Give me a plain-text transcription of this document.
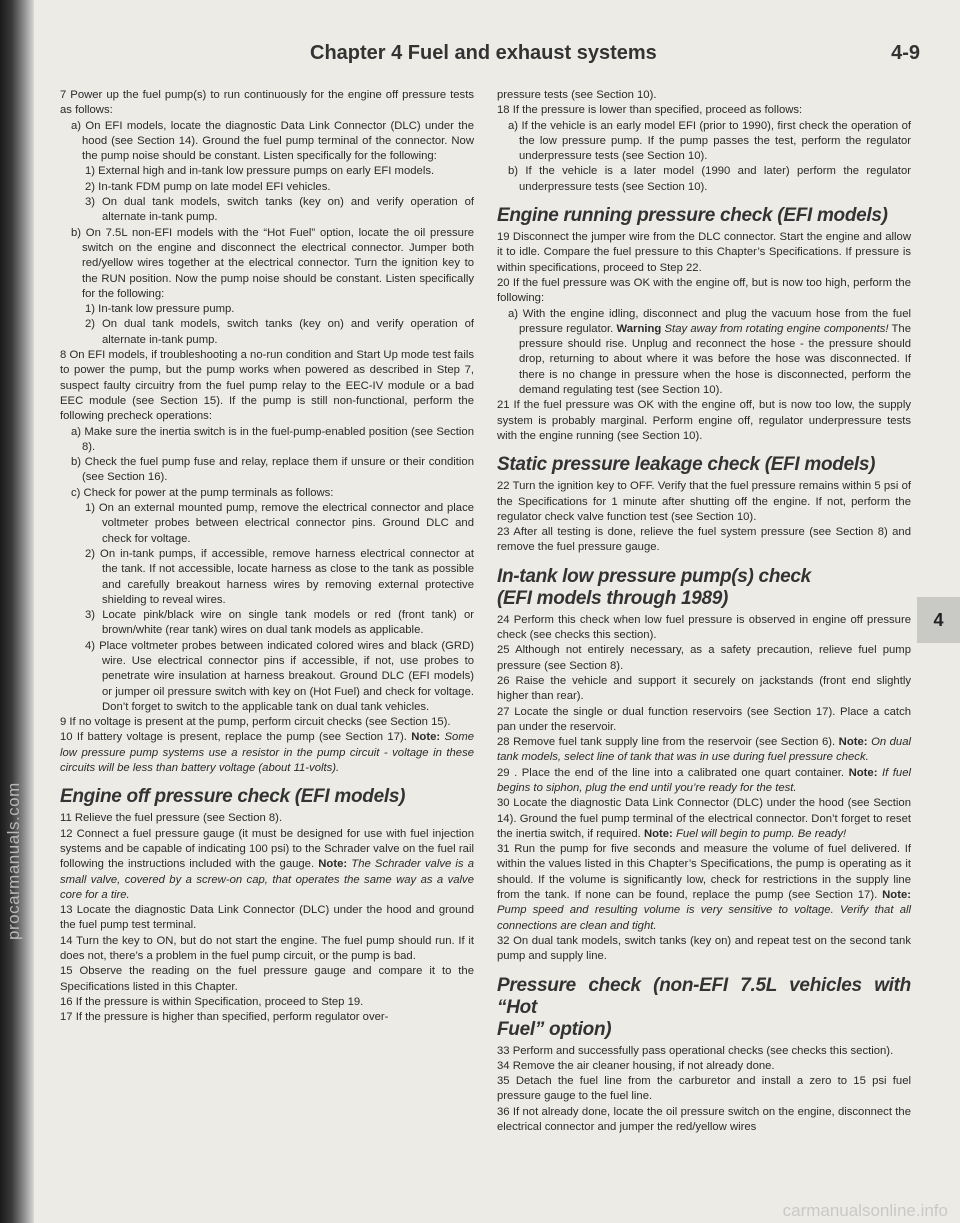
procarmanuals.com
Chapter 4 Fuel and exhaust systems	4-9

7 Power up the fuel pump(s) to run continuously for the engine off pressure tests as follows:

a) On EFI models, locate the diagnostic Data Link Connector (DLC) under the hood (see Section 14). Ground the fuel pump terminal of the connector. Now the pump noise should be constant. Listen specifically for the following:

1) External high and in-tank low pressure pumps on early EFI models.

2) In-tank FDM pump on late model EFI vehicles.

3) On dual tank models, switch tanks (key on) and verify operation of alternate in-tank pump.

b) On 7.5L non-EFI models with the “Hot Fuel” option, locate the oil pressure switch on the engine and disconnect the electrical connector. Jumper both red/yellow wires together at the electrical connector. Turn the ignition key to the RUN position. Now the pump noise should be constant. Listen specifically for the following:

1) In-tank low pressure pump.

2) On dual tank models, switch tanks (key on) and verify operation of alternate in-tank pump.

8 On EFI models, if troubleshooting a no-run condition and Start Up mode test fails to power the pump, but the pump works when powered as described in Step 7, suspect faulty circuitry from the fuel pump relay to the EEC-IV module or a bad EEC module (see Section 15). If the pump is still non-functional, perform the following precheck operations:

a) Make sure the inertia switch is in the fuel-pump-enabled position (see Section 8).

b) Check the fuel pump fuse and relay, replace them if unsure or their condition (see Section 16).

c) Check for power at the pump terminals as follows:

1) On an external mounted pump, remove the electrical connector and place voltmeter probes between electrical connector pins. Ground DLC and check for voltage.

2) On in-tank pumps, if accessible, remove harness electrical connector at the tank. If not accessible, locate harness as close to the tank as possible and carefully breakout harness wires by removing external protective shielding to reveal wires.

3) Locate pink/black wire on single tank models or red (front tank) or brown/white (rear tank) wires on dual tank models as applicable.

4) Place voltmeter probes between indicated colored wires and black (GRD) wire. Use electrical connector pins if accessible, if not, use probes to penetrate wire insulation at harness breakout. Ground DLC (EFI models) or jumper oil pressure switch with key on (Hot Fuel) and check for voltage. Don’t forget to switch to the applicable tank on dual tank vehicles.

9 If no voltage is present at the pump, perform circuit checks (see Section 15).

10 If battery voltage is present, replace the pump (see Section 17). Note: Some low pressure pump systems use a resistor in the pump circuit - voltage in these circuits will be less than battery voltage (about 11-volts).

Engine off pressure check (EFI models)

11 Relieve the fuel pressure (see Section 8).

12 Connect a fuel pressure gauge (it must be designed for use with fuel injection systems and be capable of indicating 100 psi) to the Schrader valve on the fuel rail following the instructions included with the gauge. Note: The Schrader valve is a small valve, covered by a screw-on cap, that operates the same way as a valve core for a tire.

13 Locate the diagnostic Data Link Connector (DLC) under the hood and ground the fuel pump test terminal.

14 Turn the key to ON, but do not start the engine. The fuel pump should run. If it does not, there’s a problem in the fuel pump circuit, or the pump is bad.

15 Observe the reading on the fuel pressure gauge and compare it to the Specifications listed in this Chapter.

16 If the pressure is within Specification, proceed to Step 19.

17 If the pressure is higher than specified, perform regulator over-

pressure tests (see Section 10).

18 If the pressure is lower than specified, proceed as follows:

a) If the vehicle is an early model EFI (prior to 1990), first check the operation of the low pressure pump. If the pump passes the test, perform the regulator underpressure tests (see Section 10).

b) If the vehicle is a later model (1990 and later) perform the regulator underpressure tests (see Section 10).

Engine running pressure check (EFI models)

19 Disconnect the jumper wire from the DLC connector. Start the engine and allow it to idle. Compare the fuel pressure to this Chapter’s Specifications. If pressure is within specifications, proceed to Step 22.

20 If the fuel pressure was OK with the engine off, but is now too high, perform the following:

a) With the engine idling, disconnect and plug the vacuum hose from the fuel pressure regulator. Warning Stay away from rotating engine components! The pressure should rise. Unplug and reconnect the hose - the pressure should drop, returning to about where it was before the hose was disconnected. If there is no change in pressure when the hose is disconnected, perform the demand regulating test (see Section 10).

21 If the fuel pressure was OK with the engine off, but is now too low, the supply system is probably marginal. Perform engine off, regulator underpressure tests with the engine running (see Section 10).

Static pressure leakage check (EFI models)

22 Turn the ignition key to OFF. Verify that the fuel pressure remains within 5 psi of the Specifications for 1 minute after shutting off the engine. If not, perform the regulator check valve function test (see Section 10).

23 After all testing is done, relieve the fuel system pressure (see Section 8) and remove the fuel pressure gauge.

In-tank low pressure pump(s) check
(EFI models through 1989)

24 Perform this check when low fuel pressure is observed in engine off pressure check (see checks this section).

25 Although not entirely necessary, as a safety precaution, relieve fuel pump pressure (see Section 8).

26 Raise the vehicle and support it securely on jackstands (front end slightly higher than rear).

27 Locate the single or dual function reservoirs (see Section 17). Place a catch pan under the reservoir.

28 Remove fuel tank supply line from the reservoir (see Section 6). Note: On dual tank models, select line of tank that was in use during fuel pressure check.

29 . Place the end of the line into a calibrated one quart container. Note: If fuel begins to siphon, plug the end until you’re ready for the test.

30 Locate the diagnostic Data Link Connector (DLC) under the hood (see Section 14). Ground the fuel pump terminal of the electrical connector. Don’t forget to reset the inertia switch, if required. Note: Fuel will begin to pump. Be ready!

31 Run the pump for five seconds and measure the volume of fuel delivered. If within the values listed in this Chapter’s Specifications, the pump is operating as it should. If the volume is significantly low, check for restrictions in the supply line from the tank. If none can be found, replace the pump (see Section 17). Note: Pump speed and resulting volume is very sensitive to voltage. Verify that all connections are clean and tight.

32 On dual tank models, switch tanks (key on) and repeat test on the second tank pump and supply line.

Pressure check (non-EFI 7.5L vehicles with “Hot
Fuel” option)

33 Perform and successfully pass operational checks (see checks this section).

34 Remove the air cleaner housing, if not already done.

35 Detach the fuel line from the carburetor and install a zero to 15 psi fuel pressure gauge to the fuel line.

36 If not already done, locate the oil pressure switch on the engine, disconnect the electrical connector and jumper the red/yellow wires

4
carmanualsonline.info
